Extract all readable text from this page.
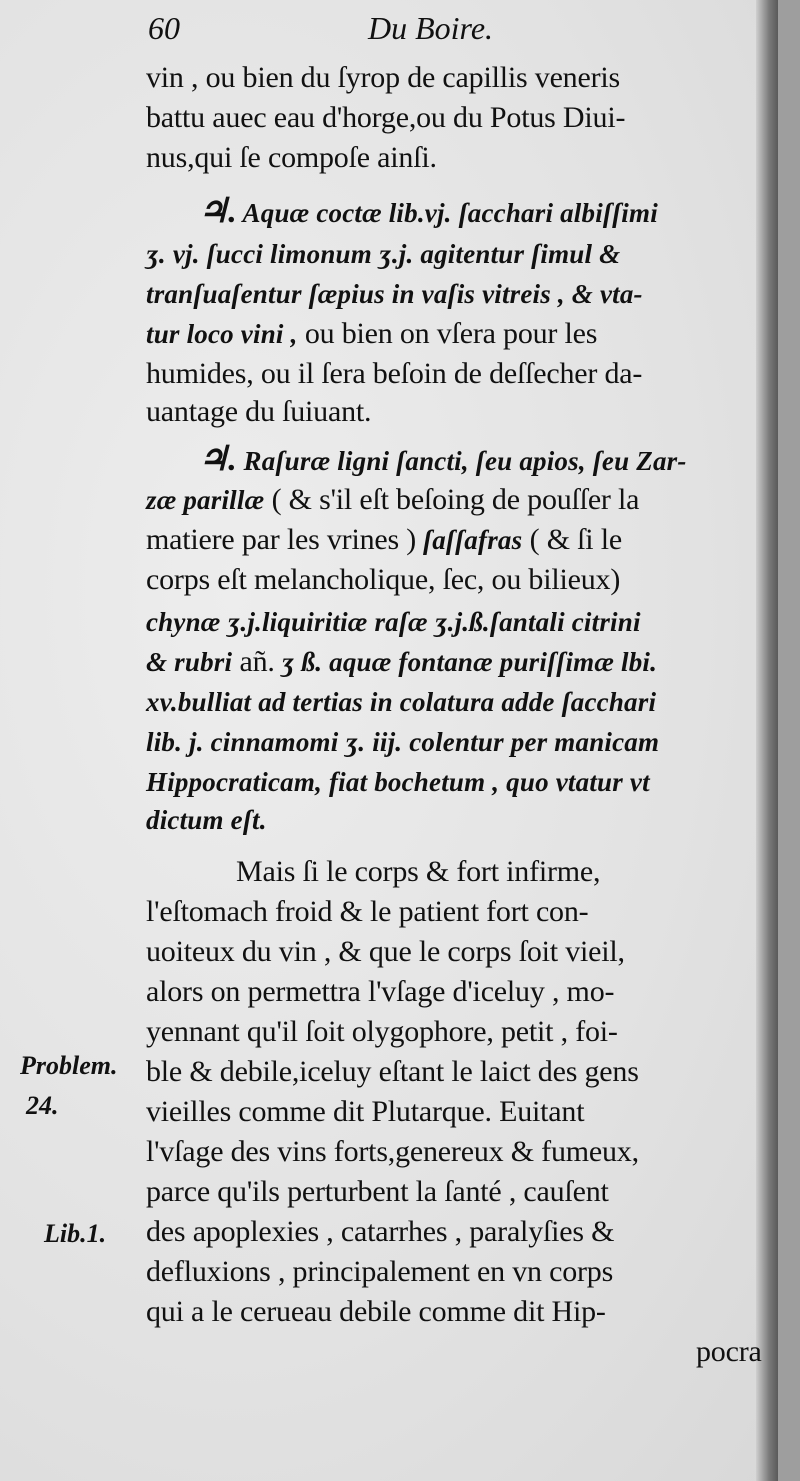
60	Du Boire.
vin , ou bien du ſyrop de capillis veneris
battu auec eau d'horge,ou du Potus Diui-
nus,qui ſe compoſe ainſi.
♃. Aquæ coctæ lib.vj. ſacchari albiſſimi
ʒ. vj. ſucci limonum ʒ.j. agitentur ſimul &
tranſuaſentur ſæpius in vaſis vitreis , & vta-
tur loco vini , ou bien on vſera pour les
humides, ou il ſera beſoin de deſſecher da-
uantage du ſuiuant.
♃. Raſuræ ligni ſancti, ſeu apios, ſeu Zar-
zæ parillæ ( & s'il eſt beſoing de pouſſer la
matiere par les vrines ) ſaſſafras ( & ſi le
corps eſt melancholique, ſec, ou bilieux)
chynæ ʒ.j.liquiritiæ raſæ ʒ.j.ß.ſantali citrini
& rubri añ. ʒ ß. aquæ fontanæ puriſſimæ lbi.
xv.bulliat ad tertias in colatura adde ſacchari
lib. j. cinnamomi ʒ. iij. colentur per manicam
Hippocraticam, fiat bochetum , quo vtatur vt
dictum eſt.
Mais ſi le corps & fort infirme,
l'eſtomach froid & le patient fort con-
uoiteux du vin , & que le corps ſoit vieil,
alors on permettra l'vſage d'iceluy , mo-
yennant qu'il ſoit olygophore, petit , foi-
ble & debile,iceluy eſtant le laict des gens
vieilles comme dit Plutarque. Euitant
l'vſage des vins forts,genereux & fumeux,
parce qu'ils perturbent la ſanté , cauſent
des apoplexies , catarrhes , paralyſies &
defluxions , principalement en vn corps
qui a le cerueau debile comme dit Hip-
pocra
Problem.
24.
Lib.1.
